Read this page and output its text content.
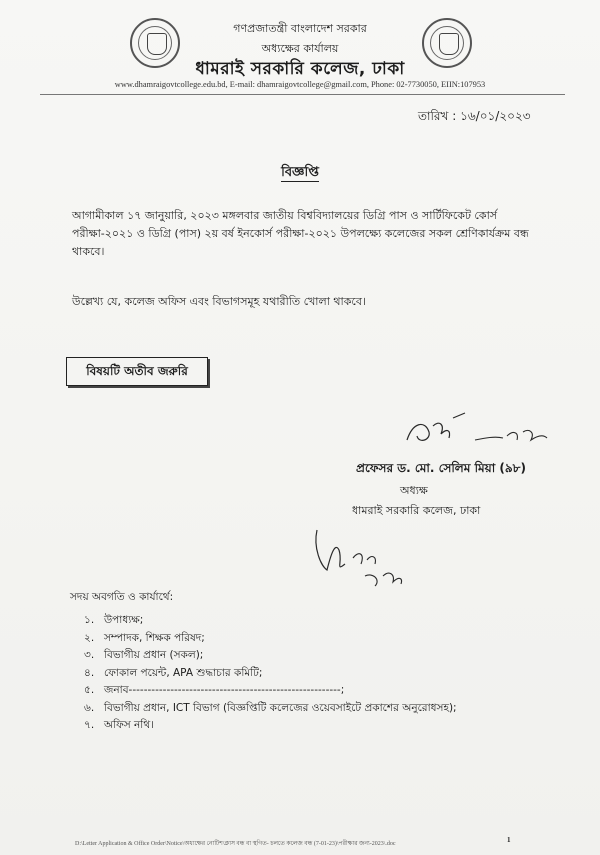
গণপ্রজাতন্ত্রী বাংলাদেশ সরকার
অধ্যক্ষের কার্যালয়
ধামরাই সরকারি কলেজ, ঢাকা
www.dhamraigovtcollege.edu.bd, E-mail: dhamraigovtcollege@gmail.com, Phone: 02-7730050, EIIN:107953
তারিখ : ১৬/০১/২০২৩
বিজ্ঞপ্তি
আগামীকাল ১৭ জানুয়ারি, ২০২৩ মঙ্গলবার জাতীয় বিশ্ববিদ্যালয়ের ডিগ্রি পাস ও সার্টিফিকেট কোর্স পরীক্ষা-২০২১ ও ডিগ্রি (পাস) ২য় বর্ষ ইনকোর্স পরীক্ষা-২০২১ উপলক্ষ্যে কলেজের সকল শ্রেণিকার্যক্রম বন্ধ থাকবে।
উল্লেখ্য যে, কলেজ অফিস এবং বিভাগসমূহ যথারীতি খোলা থাকবে।
বিষয়টি অতীব জরুরি
প্রফেসর ড. মো. সেলিম মিয়া (৯৮)
অধ্যক্ষ
ধামরাই সরকারি কলেজ, ঢাকা
সদয় অবগতি ও কার্যার্থে:
১. উপাধ্যক্ষ;
২. সম্পাদক, শিক্ষক পরিষদ;
৩. বিভাগীয় প্রধান (সকল);
৪. ফোকাল পয়েন্ট, APA শুদ্ধাচার কমিটি;
৫. জনাব--------------------------------------------------------;
৬. বিভাগীয় প্রধান, ICT বিভাগ (বিজ্ঞপ্তিটি কলেজের ওয়েবসাইটে প্রকাশের অনুরোধসহ);
৭. অফিস নথি।
D:\Letter Application & Office Order\Notice\অধ্যক্ষের নোটিশ\ক্লাস বন্ধ বা স্থগিত- চলতে কলেজ বন্ধ (7-01-23)\পরীক্ষার জন্য-2023\.doc	1
